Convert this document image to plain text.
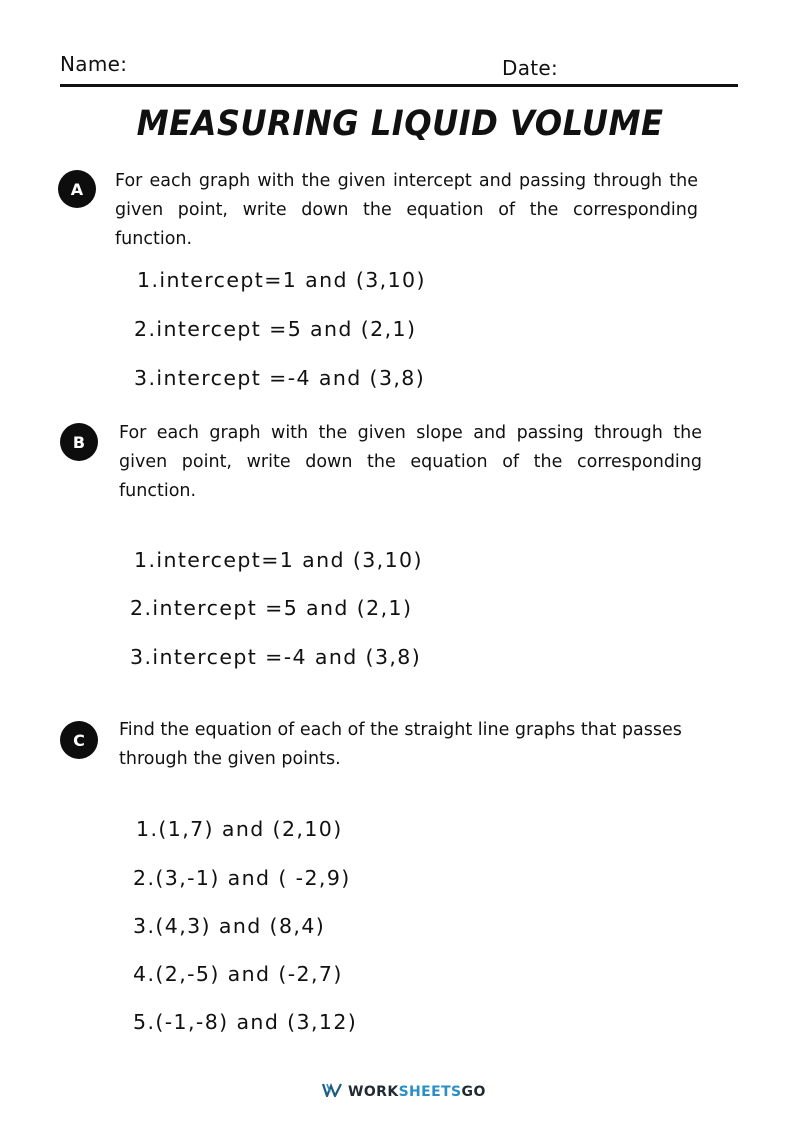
Name:	Date:
MEASURING LIQUID VOLUME
A	For each graph with the given intercept and passing through the given point, write down the equation of the corresponding function.
1.intercept=1 and (3,10)
2.intercept =5 and (2,1)
3.intercept =-4 and (3,8)
B	For each graph with the given slope and passing through the given point, write down the equation of the corresponding function.
1.intercept=1 and (3,10)
2.intercept =5 and (2,1)
3.intercept =-4 and (3,8)
C	Find the equation of each of the straight line graphs that passes through the given points.
1.(1,7) and (2,10)
2.(3,-1) and ( -2,9)
3.(4,3) and (8,4)
4.(2,-5) and (-2,7)
5.(-1,-8) and (3,12)
WORKSHEETSGO
